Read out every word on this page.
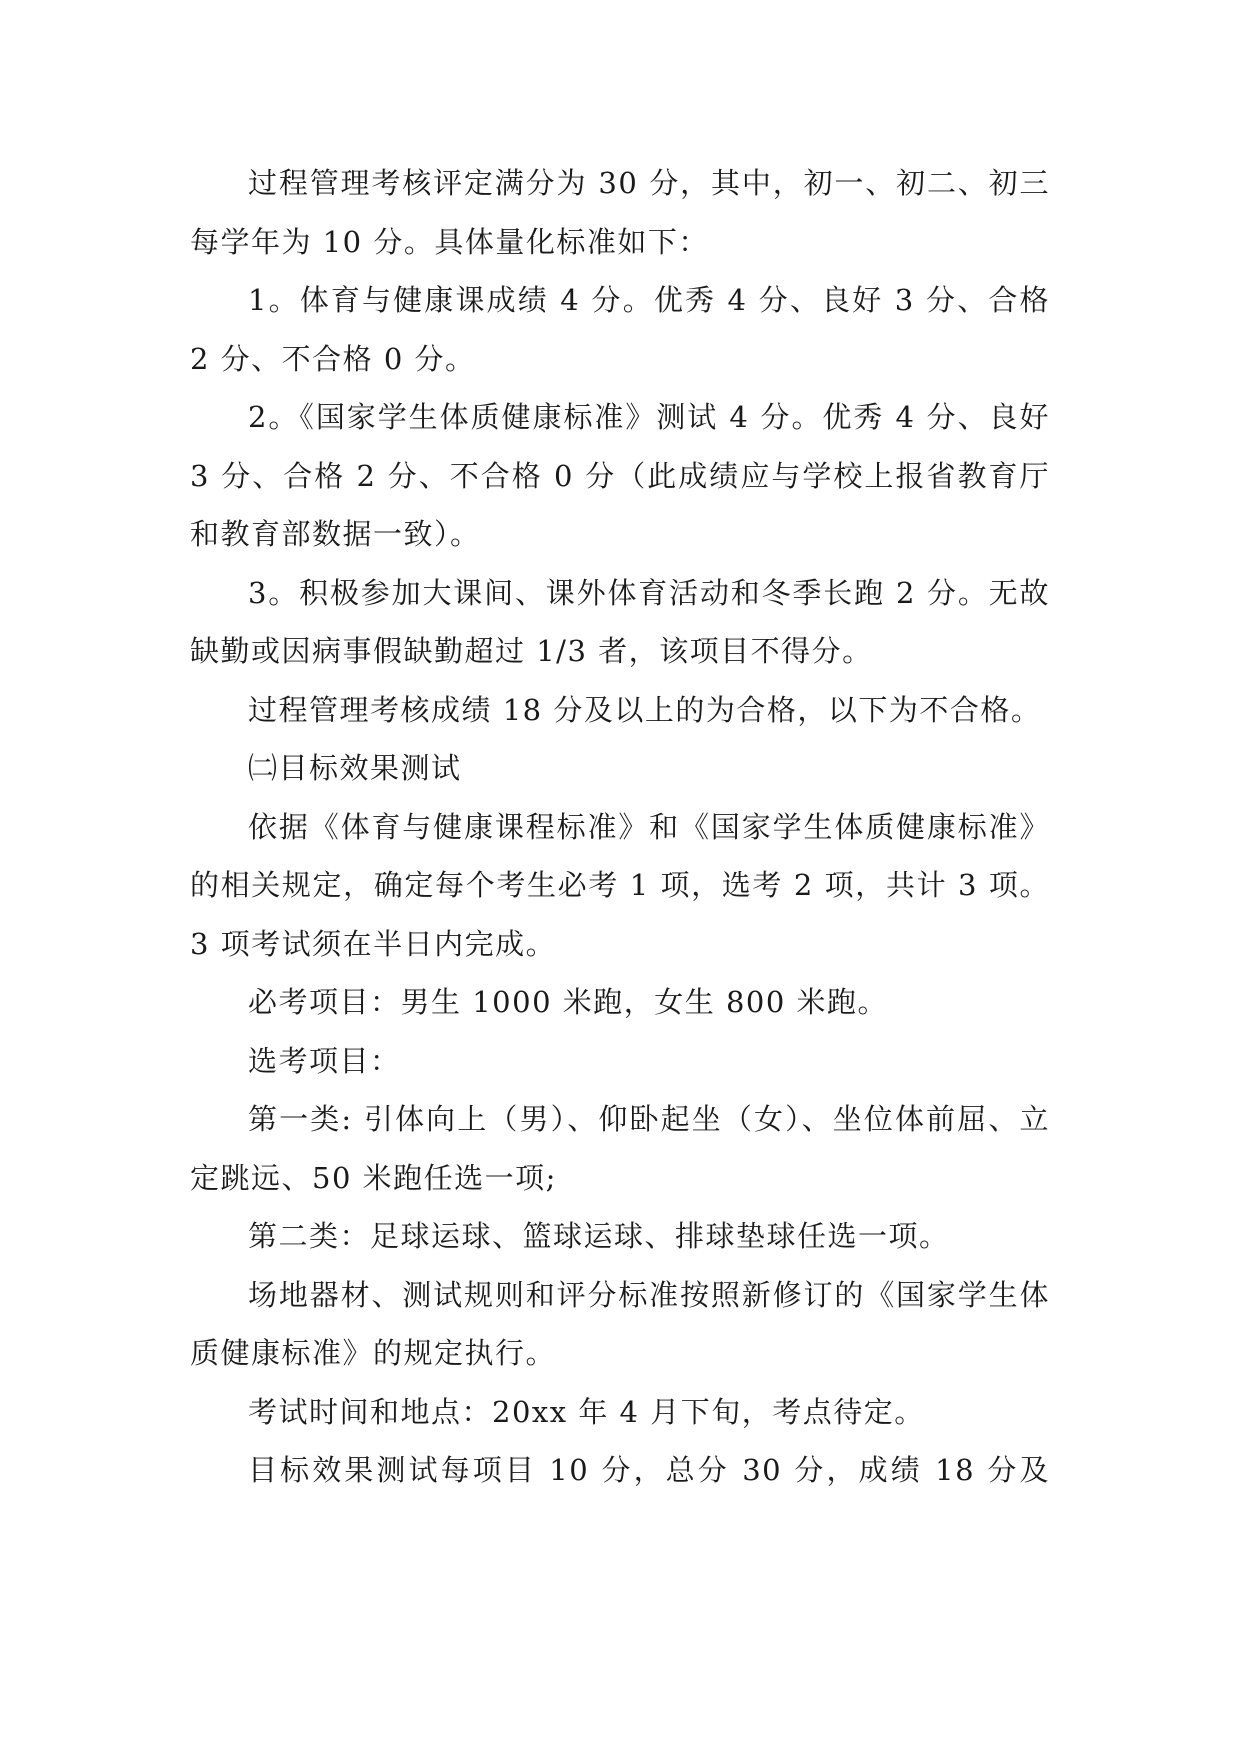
过程管理考核评定满分为 30 分，其中，初一、初二、初三每学年为 10 分。具体量化标准如下：

1。体育与健康课成绩 4 分。优秀 4 分、良好 3 分、合格 2 分、不合格 0 分。

2。《国家学生体质健康标准》测试 4 分。优秀 4 分、良好 3 分、合格 2 分、不合格 0 分（此成绩应与学校上报省教育厅和教育部数据一致）。

3。积极参加大课间、课外体育活动和冬季长跑 2 分。无故缺勤或因病事假缺勤超过 1/3 者，该项目不得分。

过程管理考核成绩 18 分及以上的为合格，以下为不合格。

㈡目标效果测试

依据《体育与健康课程标准》和《国家学生体质健康标准》的相关规定，确定每个考生必考 1 项，选考 2 项，共计 3 项。3 项考试须在半日内完成。

必考项目：男生 1000 米跑，女生 800 米跑。

选考项目：

第一类: 引体向上（男）、仰卧起坐（女）、坐位体前屈、立定跳远、50 米跑任选一项;

第二类：足球运球、篮球运球、排球垫球任选一项。

场地器材、测试规则和评分标准按照新修订的《国家学生体质健康标准》的规定执行。

考试时间和地点：20xx 年 4 月下旬，考点待定。

目标效果测试每项目 10 分，总分 30 分，成绩 18 分及
